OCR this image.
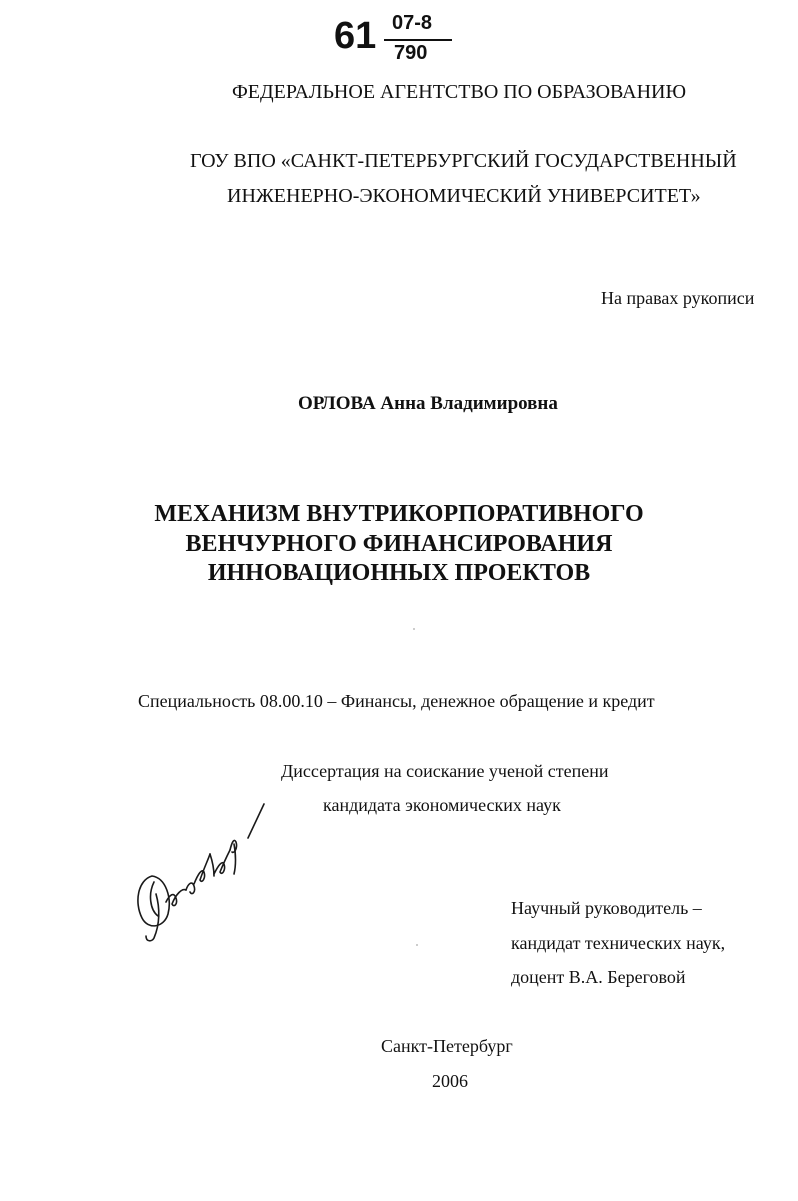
61 07-8
790
ФЕДЕРАЛЬНОЕ АГЕНТСТВО ПО ОБРАЗОВАНИЮ
ГОУ ВПО «САНКТ-ПЕТЕРБУРГСКИЙ ГОСУДАРСТВЕННЫЙ
ИНЖЕНЕРНО-ЭКОНОМИЧЕСКИЙ УНИВЕРСИТЕТ»
На правах рукописи
ОРЛОВА Анна Владимировна
МЕХАНИЗМ ВНУТРИКОРПОРАТИВНОГО
ВЕНЧУРНОГО ФИНАНСИРОВАНИЯ
ИННОВАЦИОННЫХ ПРОЕКТОВ
Специальность 08.00.10 – Финансы, денежное обращение и кредит
Диссертация на соискание ученой степени
кандидата экономических наук
Научный руководитель –
кандидат технических наук,
доцент В.А. Береговой
Санкт-Петербург
2006
